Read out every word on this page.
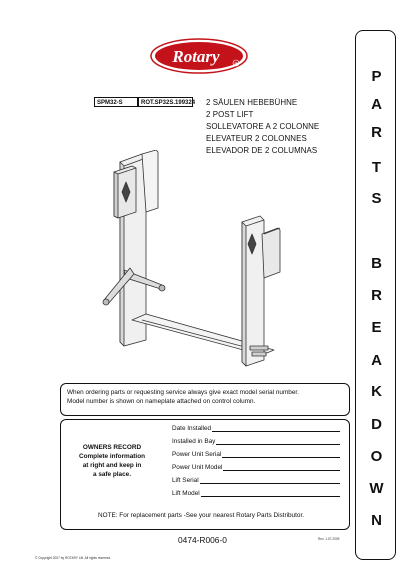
Rotary	R
SPM32-S	ROT.SP32S.199324 2 SÄULEN HEBEBÜHNE
2 POST LIFT
SOLLEVATORE A 2 COLONNE
ELEVATEUR 2 COLONNES
ELEVADOR DE 2 COLUMNAS
P
A
R
T
S
B
R
E
A
K
D
O
W
N
When ordering parts or requesting service always give exact model serial number.
Model number is shown on nameplate attached on control column.
OWNERS RECORD
Complete information
at right and keep in
a safe place.
Date Installed
Installed in Bay
Power Unit Serial
Power Unit Model
Lift Serial
Lift Model
NOTE: For replacement parts -See your nearest Rotary Parts Distributor.
0474-R006-0
© Copyright 2007 by ROTARY Lift. All rights reserved.
Rev. 1.07.2009
